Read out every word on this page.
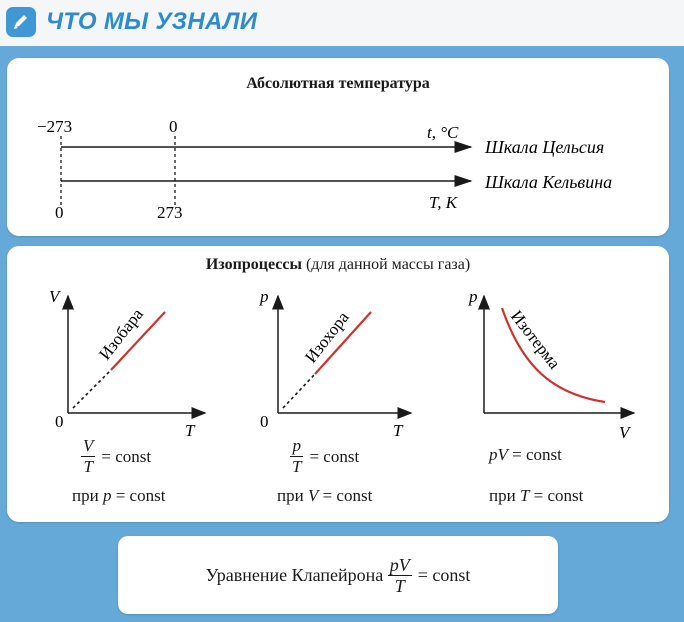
ЧТО МЫ УЗНАЛИ
Абсолютная температура
−273	0	t, °C
Шкала Цельсия
0	273
T, К
Шкала Кельвина
Изопроцессы (для данной массы газа)
V
T
0
Изобара
p
T
0
Изохора
p
V
Изотерма
$\frac{V}{T}$ = const
при p = const
$\frac{p}{T}$ = const
при V = const
pV
= const
при T = const
Уравнение Клапейрона
$\frac{pV}{T}$ = const
